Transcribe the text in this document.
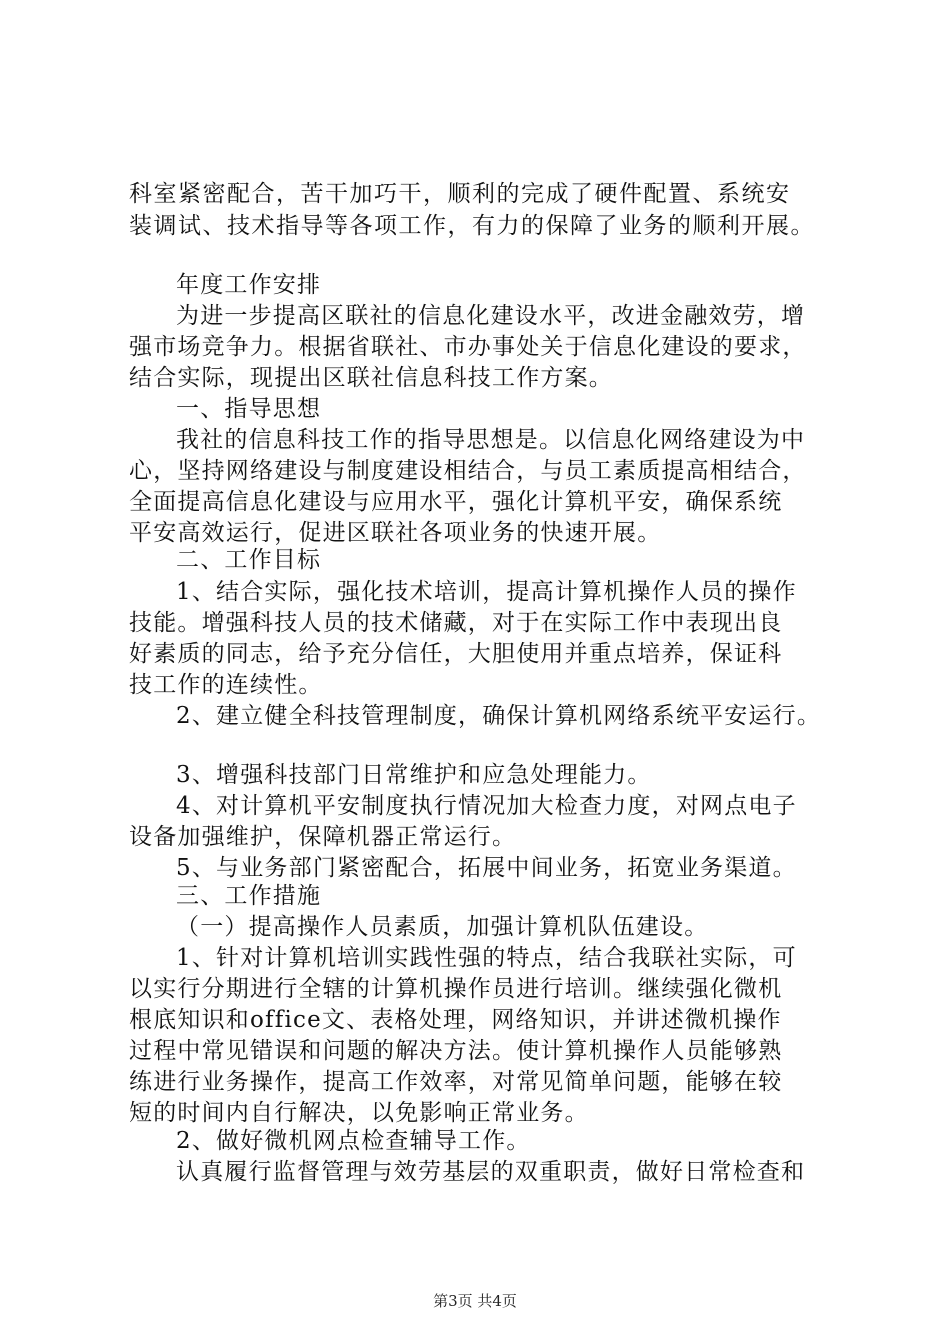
科室紧密配合，苦干加巧干，顺利的完成了硬件配置、系统安
装调试、技术指导等各项工作，有力的保障了业务的顺利开展。
年度工作安排
为进一步提高区联社的信息化建设水平，改进金融效劳，增
强市场竞争力。根据省联社、市办事处关于信息化建设的要求，
结合实际，现提出区联社信息科技工作方案。
一、指导思想
我社的信息科技工作的指导思想是。以信息化网络建设为中
心，坚持网络建设与制度建设相结合，与员工素质提高相结合，
全面提高信息化建设与应用水平，强化计算机平安，确保系统
平安高效运行，促进区联社各项业务的快速开展。
二、工作目标
1、结合实际，强化技术培训，提高计算机操作人员的操作
技能。增强科技人员的技术储藏，对于在实际工作中表现出良
好素质的同志，给予充分信任，大胆使用并重点培养，保证科
技工作的连续性。
2、建立健全科技管理制度，确保计算机网络系统平安运行。
3、增强科技部门日常维护和应急处理能力。
4、对计算机平安制度执行情况加大检查力度，对网点电子
设备加强维护，保障机器正常运行。
5、与业务部门紧密配合，拓展中间业务，拓宽业务渠道。
三、工作措施
（一）提高操作人员素质，加强计算机队伍建设。
1、针对计算机培训实践性强的特点，结合我联社实际，可
以实行分期进行全辖的计算机操作员进行培训。继续强化微机
根底知识和office文、表格处理，网络知识，并讲述微机操作
过程中常见错误和问题的解决方法。使计算机操作人员能够熟
练进行业务操作，提高工作效率，对常见简单问题，能够在较
短的时间内自行解决，以免影响正常业务。
2、做好微机网点检查辅导工作。
认真履行监督管理与效劳基层的双重职责，做好日常检查和
第3页 共4页
